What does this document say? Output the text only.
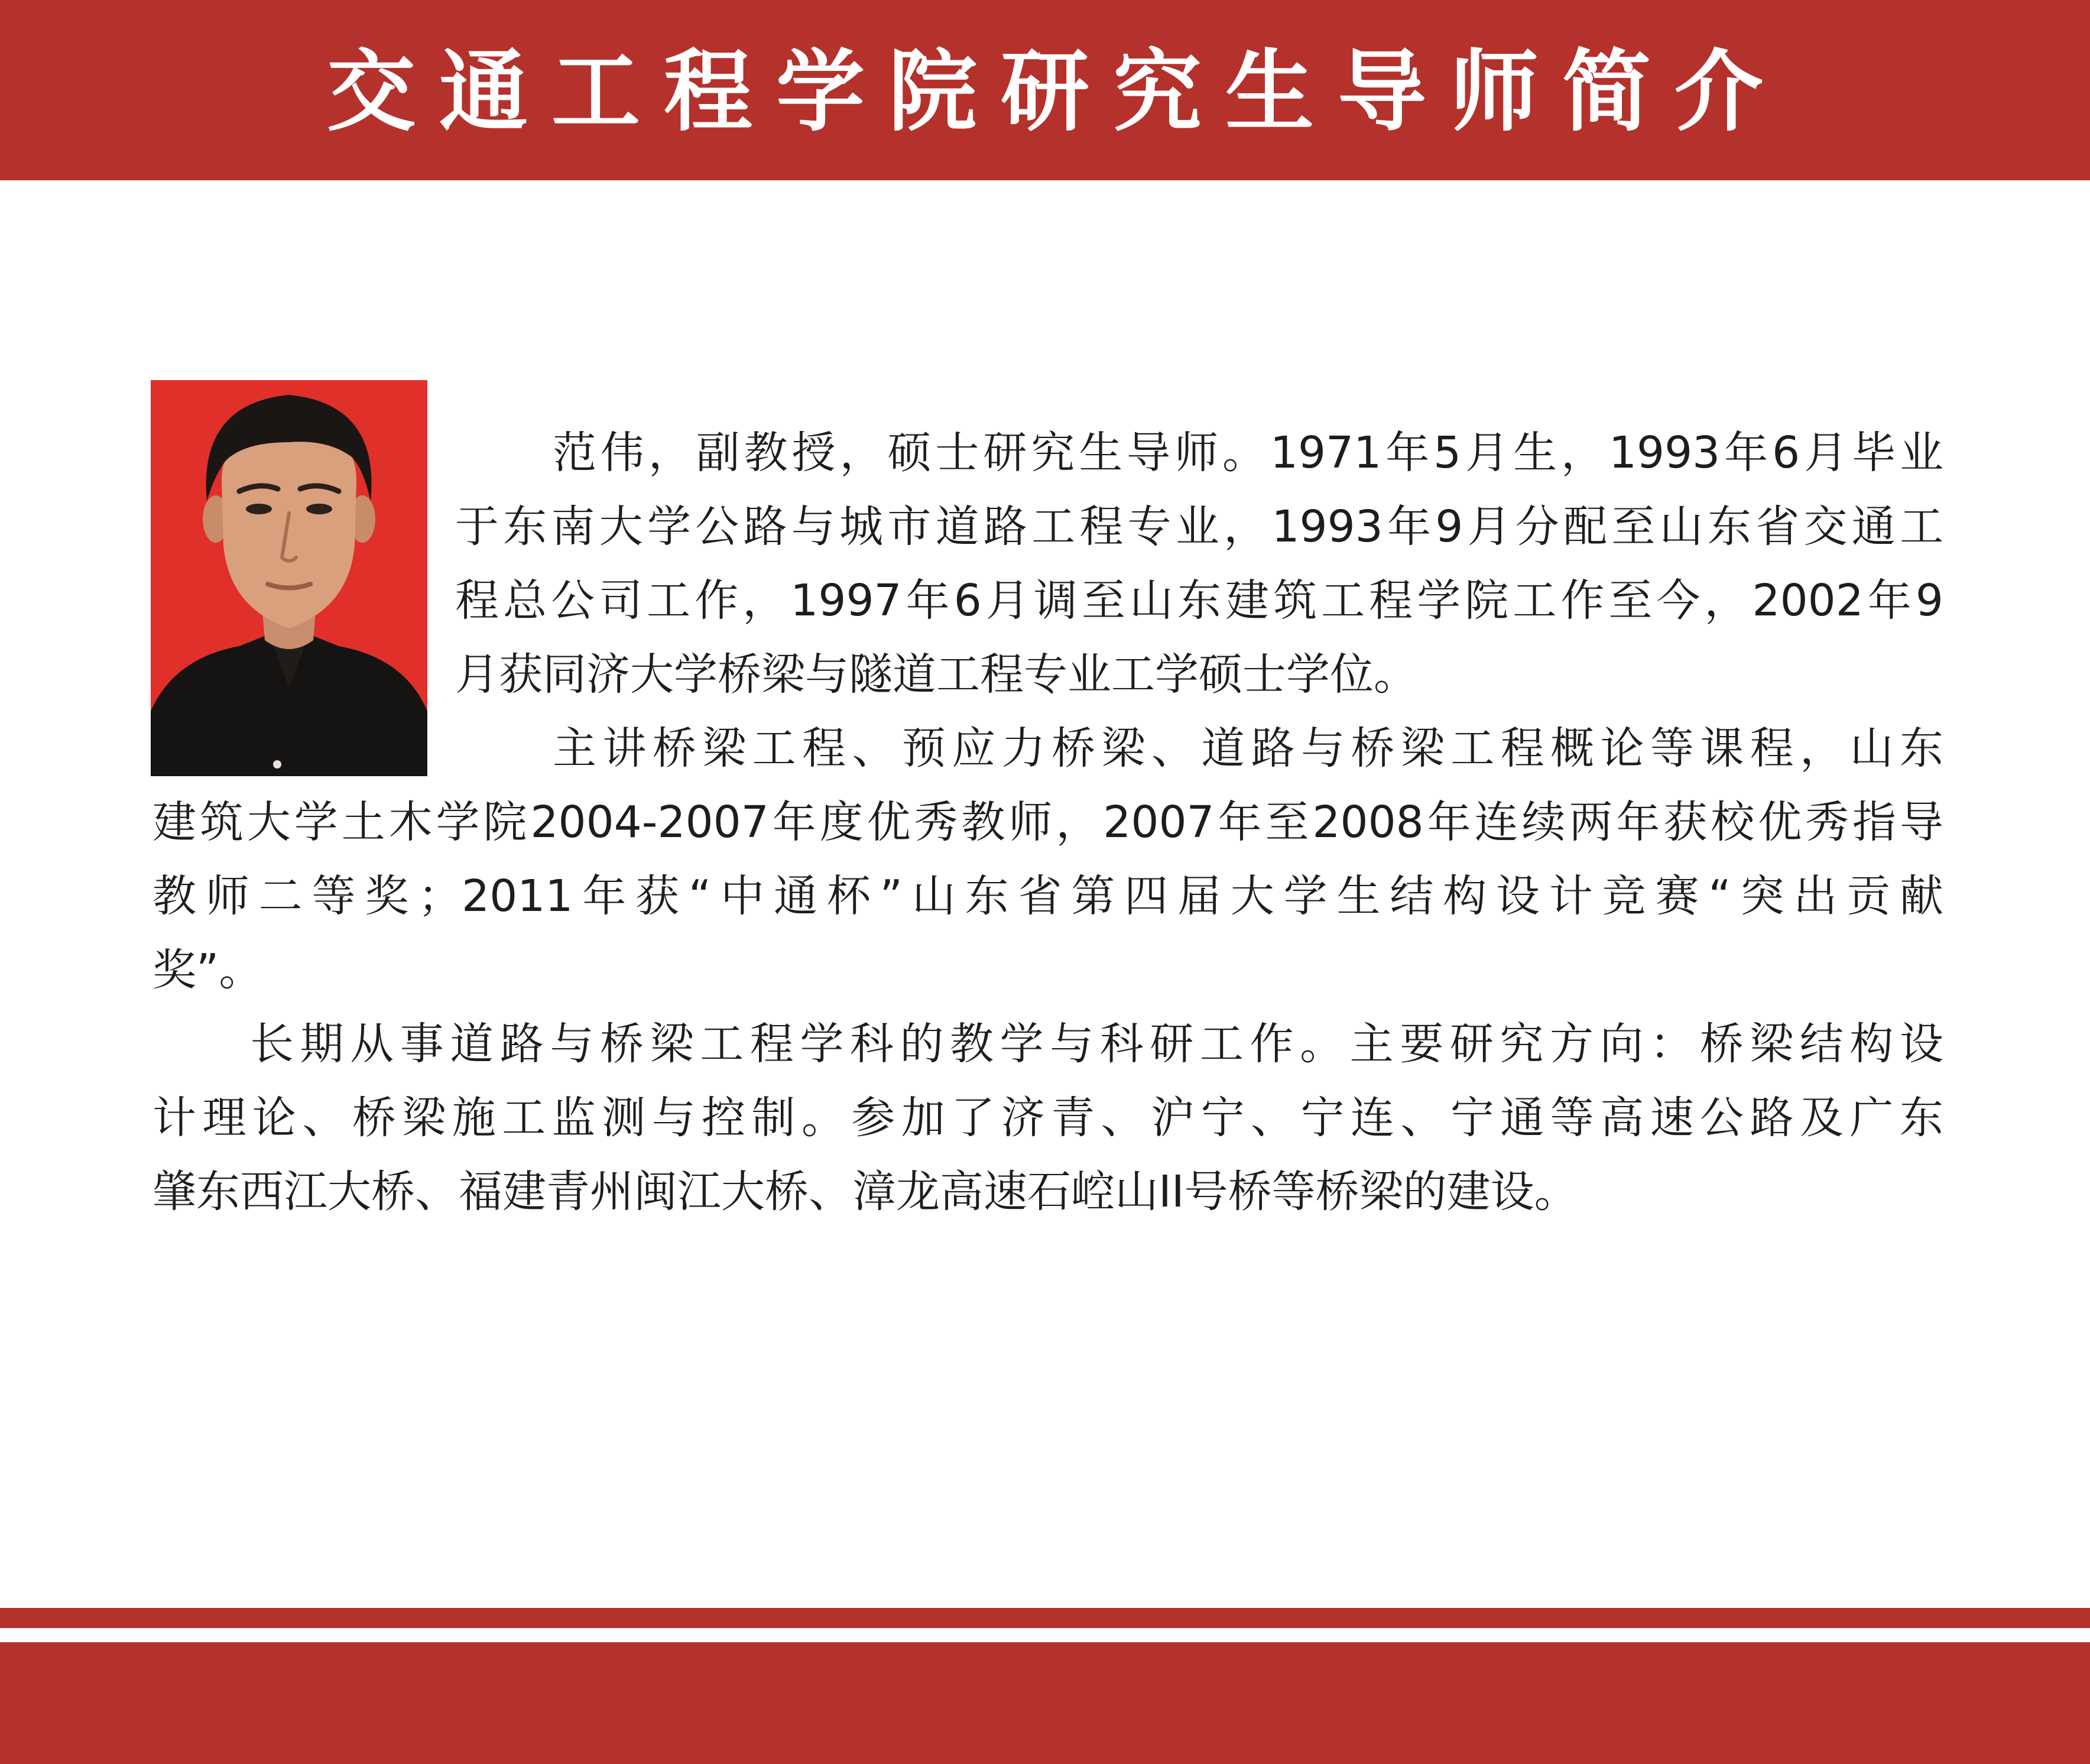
交通工程学院研究生导师简介
范伟，副教授，硕士研究生导师。1971年5月生，1993年6月毕业
于东南大学公路与城市道路工程专业，1993年9月分配至山东省交通工
程总公司工作，1997年6月调至山东建筑工程学院工作至今，2002年9
月获同济大学桥梁与隧道工程专业工学硕士学位。
主讲桥梁工程、预应力桥梁、道路与桥梁工程概论等课程，山东
建筑大学土木学院2004-2007年度优秀教师，2007年至2008年连续两年获校优秀指导
教师二等奖；2011年获“中通杯”山东省第四届大学生结构设计竞赛“突出贡献
奖”。
长期从事道路与桥梁工程学科的教学与科研工作。主要研究方向：桥梁结构设
计理论、桥梁施工监测与控制。参加了济青、沪宁、宁连、宁通等高速公路及广东
肇东西江大桥、福建青州闽江大桥、漳龙高速石崆山II号桥等桥梁的建设。
